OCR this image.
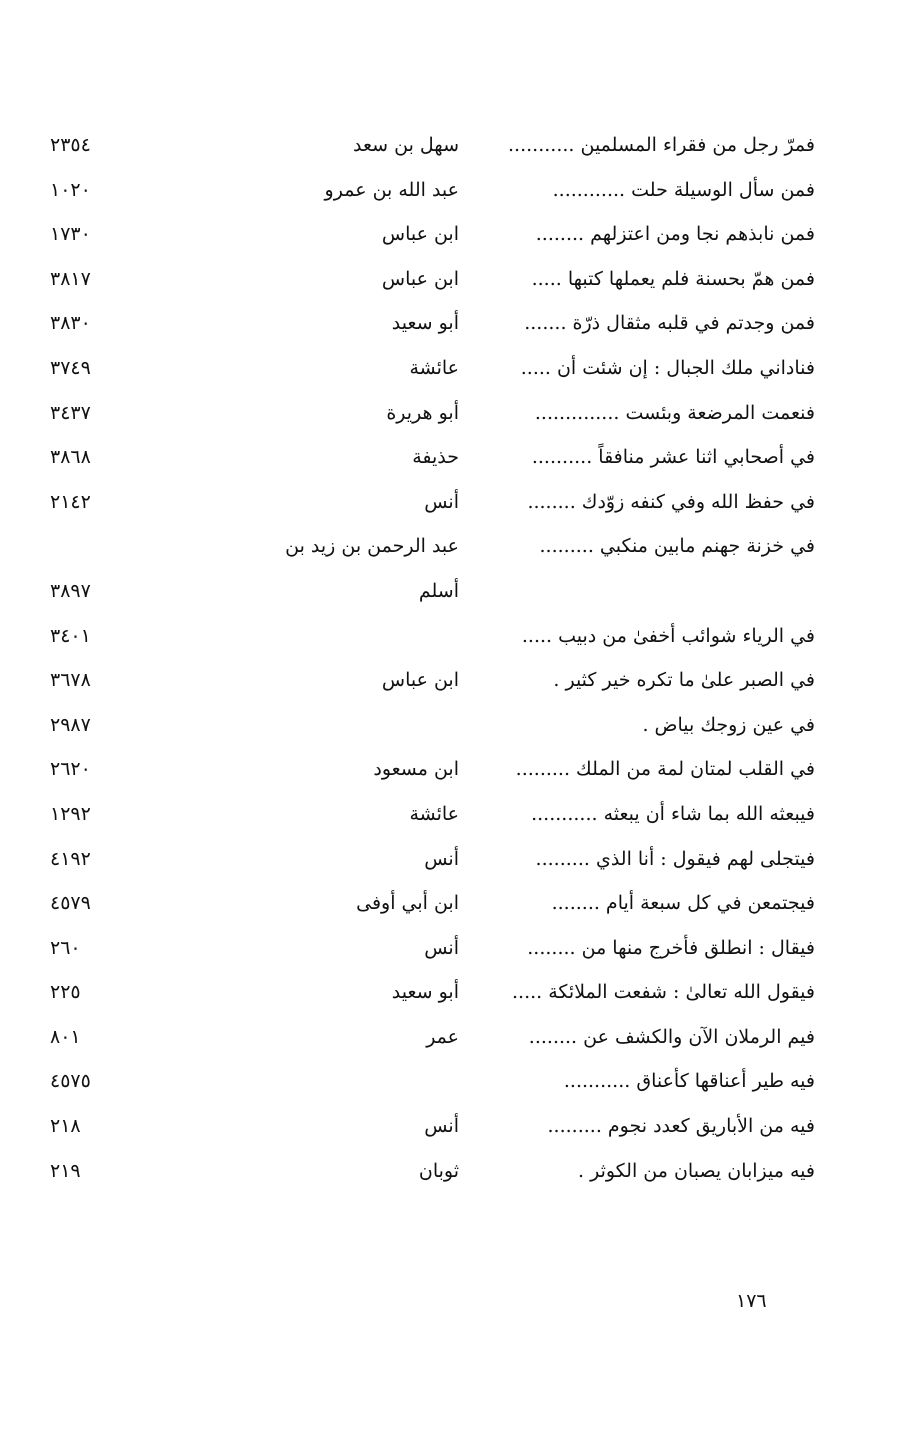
فمرّ رجل من فقراء المسلمين ...........
سهل بن سعد
٢٣٥٤
فمن سأل الوسيلة حلت ............
عبد الله بن عمرو
١٠٢٠
فمن نابذهم نجا ومن اعتزلهم ........
ابن عباس
١٧٣٠
فمن همّ بحسنة فلم يعملها كتبها .....
ابن عباس
٣٨١٧
فمن وجدتم في قلبه مثقال ذرّة .......
أبو سعيد
٣٨٣٠
فناداني ملك الجبال : إن شئت أن .....
عائشة
٣٧٤٩
فنعمت المرضعة وبئست ..............
أبو هريرة
٣٤٣٧
في أصحابي اثنا عشر منافقاً ..........
حذيفة
٣٨٦٨
في حفظ الله وفي كنفه زوّدك ........
أنس
٢١٤٢
في خزنة جهنم مابين منكبي .........
عبد الرحمن بن زيد بن
أسلم
٣٨٩٧
في الرياء شوائب أخفىٰ من دبيب .....
٣٤٠١
في الصبر علىٰ ما تكره خير كثير .
ابن عباس
٣٦٧٨
في عين زوجك بياض .
٢٩٨٧
في القلب لمتان لمة من الملك .........
ابن مسعود
٢٦٢٠
فيبعثه الله بما شاء أن يبعثه ...........
عائشة
١٢٩٢
فيتجلى لهم فيقول : أنا الذي .........
أنس
٤١٩٢
فيجتمعن في كل سبعة أيام ........
ابن أبي أوفى
٤٥٧٩
فيقال : انطلق فأخرج منها من ........
أنس
٢٦٠
فيقول الله تعالىٰ : شفعت الملائكة .....
أبو سعيد
٢٢٥
فيم الرملان الآن والكشف عن ........
عمر
٨٠١
فيه طير أعناقها كأعناق ...........
٤٥٧٥
فيه من الأباريق كعدد نجوم .........
أنس
٢١٨
فيه ميزابان يصبان من الكوثر .
ثوبان
٢١٩
١٧٦
